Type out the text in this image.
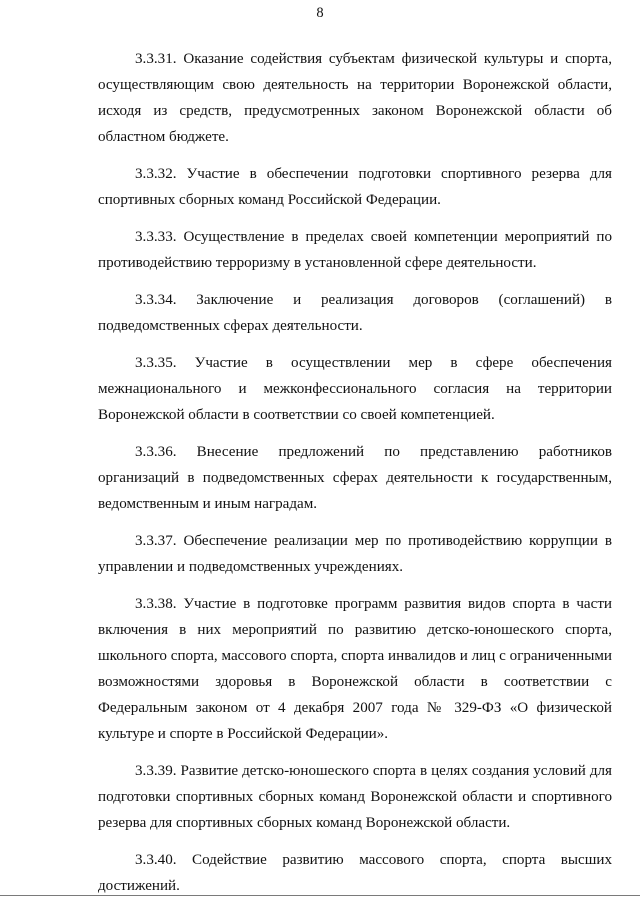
8

3.3.31. Оказание содействия субъектам физической культуры и спорта, осуществляющим свою деятельность на территории Воронежской области, исходя из средств, предусмотренных законом Воронежской области об областном бюджете.

3.3.32. Участие в обеспечении подготовки спортивного резерва для спортивных сборных команд Российской Федерации.

3.3.33. Осуществление в пределах своей компетенции мероприятий по противодействию терроризму в установленной сфере деятельности.

3.3.34. Заключение и реализация договоров (соглашений) в подведомственных сферах деятельности.

3.3.35. Участие в осуществлении мер в сфере обеспечения межнационального и межконфессионального согласия на территории Воронежской области в соответствии со своей компетенцией.

3.3.36. Внесение предложений по представлению работников организаций в подведомственных сферах деятельности к государственным, ведомственным и иным наградам.

3.3.37. Обеспечение реализации мер по противодействию коррупции в управлении и подведомственных учреждениях.

3.3.38. Участие в подготовке программ развития видов спорта в части включения в них мероприятий по развитию детско-юношеского спорта, школьного спорта, массового спорта, спорта инвалидов и лиц с ограниченными возможностями здоровья в Воронежской области в соответствии с Федеральным законом от 4 декабря 2007 года № 329-ФЗ «О физической культуре и спорте в Российской Федерации».

3.3.39. Развитие детско-юношеского спорта в целях создания условий для подготовки спортивных сборных команд Воронежской области и спортивного резерва для спортивных сборных команд Воронежской области.

3.3.40. Содействие развитию массового спорта, спорта высших достижений.
